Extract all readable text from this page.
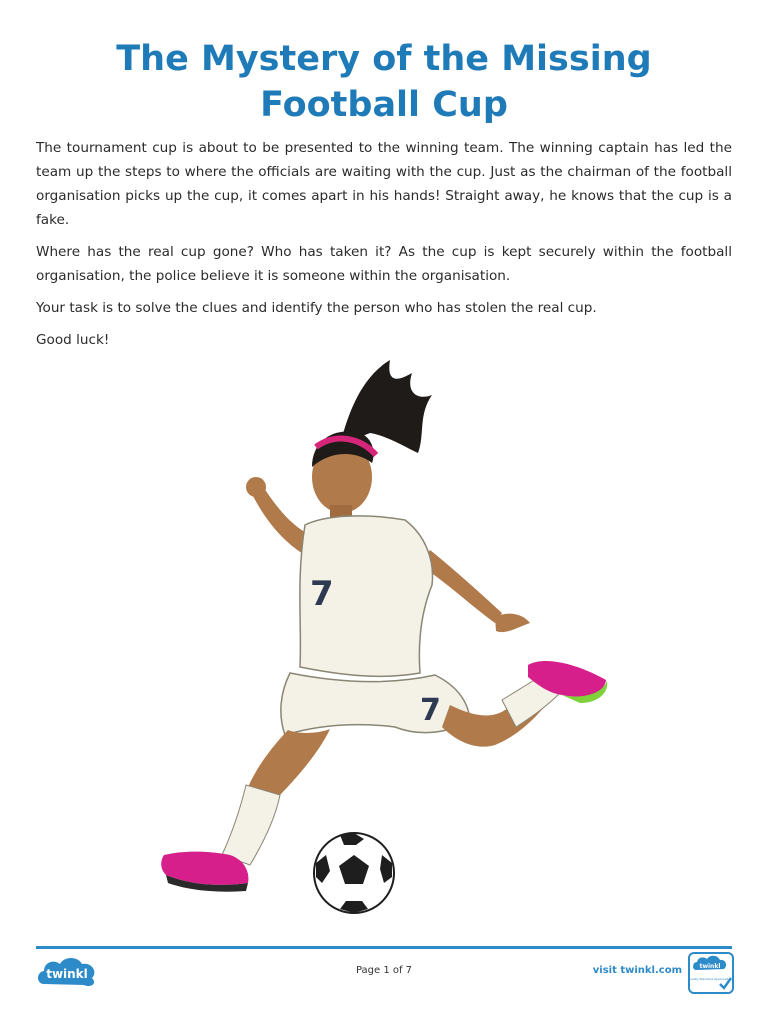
The Mystery of the Missing
Football Cup

The tournament cup is about to be presented to the winning team. The winning captain has led the team up the steps to where the officials are waiting with the cup. Just as the chairman of the football organisation picks up the cup, it comes apart in his hands! Straight away, he knows that the cup is a fake.

Where has the real cup gone? Who has taken it? As the cup is kept securely within the football organisation, the police believe it is someone within the organisation.

Your task is to solve the clues and identify the person who has stolen the real cup.

Good luck!

7
7
twinkl	Page 1 of 7	visit twinkl.com	twinkl
Quality Standard Approved
